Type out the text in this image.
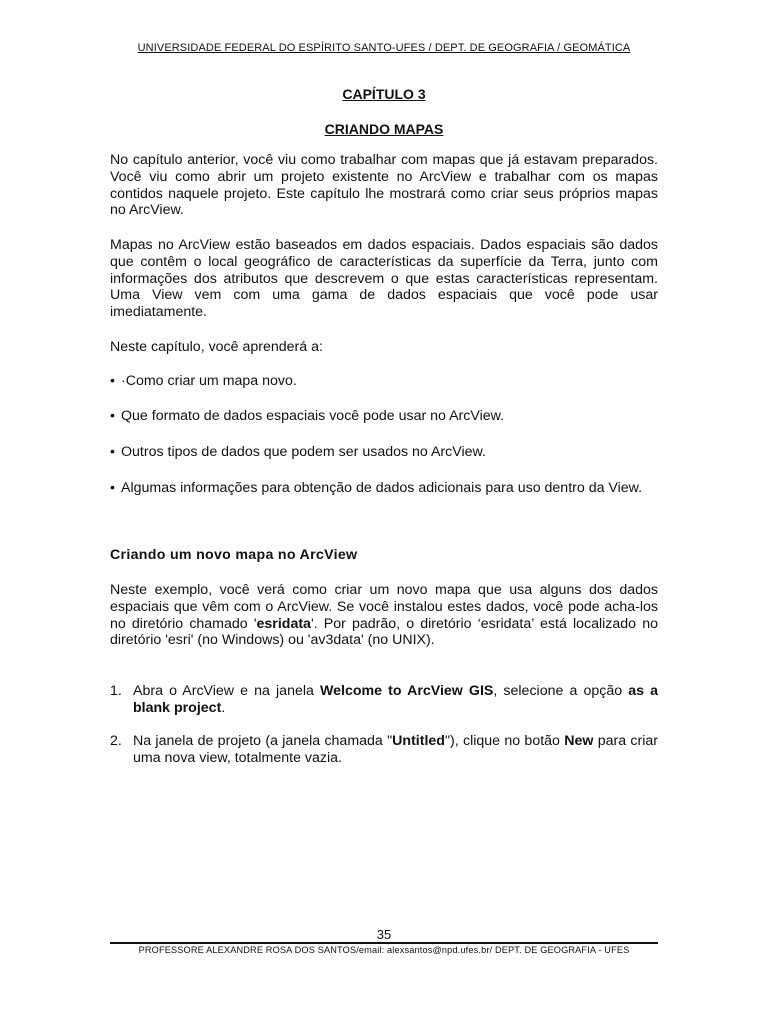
UNIVERSIDADE FEDERAL DO ESPÍRITO SANTO-UFES / DEPT. DE GEOGRAFIA / GEOMÁTICA
CAPÍTULO 3
CRIANDO MAPAS

No capítulo anterior, você viu como trabalhar com mapas que já estavam preparados. Você viu como abrir um projeto existente no ArcView e trabalhar com os mapas contidos naquele projeto. Este capítulo lhe mostrará como criar seus próprios mapas no ArcView.

Mapas no ArcView estão baseados em dados espaciais. Dados espaciais são dados que contêm o local geográfico de características da superfície da Terra, junto com informações dos atributos que descrevem o que estas características representam. Uma View vem com uma gama de dados espaciais que você pode usar imediatamente.

Neste capítulo, você aprenderá a:

• ·Como criar um mapa novo.
• Que formato de dados espaciais você pode usar no ArcView.
• Outros tipos de dados que podem ser usados no ArcView.
• Algumas informações para obtenção de dados adicionais para uso dentro da View.

Criando um novo mapa no ArcView

Neste exemplo, você verá como criar um novo mapa que usa alguns dos dados espaciais que vêm com o ArcView. Se você instalou estes dados, você pode acha-los no diretório chamado 'esridata'. Por padrão, o diretório ‘esridata’ está localizado no diretório 'esri' (no Windows) ou 'av3data' (no UNIX).

1. Abra o ArcView e na janela Welcome to ArcView GIS, selecione a opção as a blank project.
2. Na janela de projeto (a janela chamada "Untitled"), clique no botão New para criar uma nova view, totalmente vazia.
35
PROFESSORE ALEXANDRE ROSA DOS SANTOS/email: alexsantos@npd.ufes.br/ DEPT. DE GEOGRAFIA - UFES
